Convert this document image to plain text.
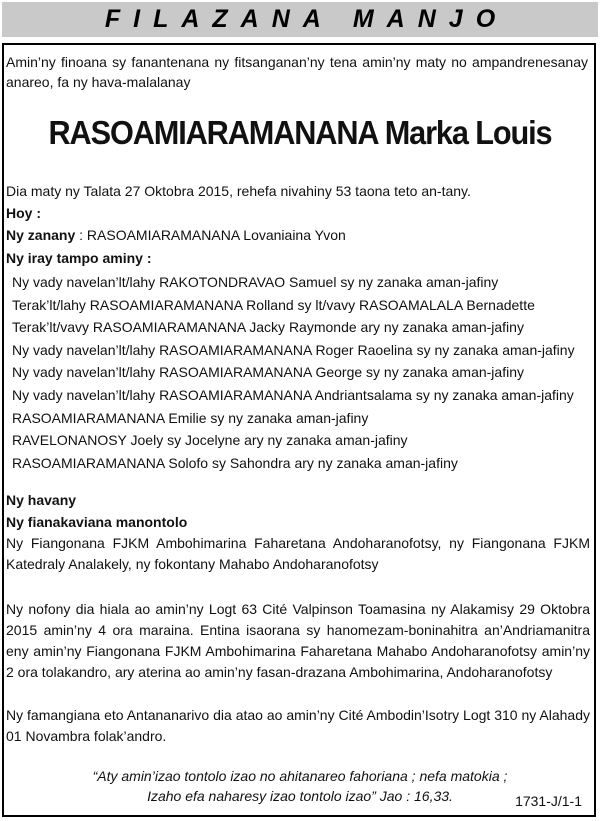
FILAZANA MANJO
Amin’ny finoana sy fanantenana ny fitsanganan’ny tena amin’ny maty no ampandrenesanay anareo, fa ny hava-malalanay
RASOAMIARAMANANA Marka Louis
Dia maty ny Talata 27 Oktobra 2015, rehefa nivahiny 53 taona teto an-tany.
Hoy :
Ny zanany : RASOAMIARAMANANA Lovaniaina Yvon
Ny iray tampo aminy :
Ny vady navelan’lt/lahy RAKOTONDRAVAO Samuel sy ny zanaka aman-jafiny
Terak’lt/lahy RASOAMIARAMANANA Rolland sy lt/vavy RASOAMALALA Bernadette
Terak’lt/vavy RASOAMIARAMANANA Jacky Raymonde ary ny zanaka aman-jafiny
Ny vady navelan’lt/lahy RASOAMIARAMANANA Roger Raoelina sy ny zanaka aman-jafiny
Ny vady navelan’lt/lahy RASOAMIARAMANANA George sy ny zanaka aman-jafiny
Ny vady navelan’lt/lahy RASOAMIARAMANANA Andriantsalama sy ny zanaka aman-jafiny
RASOAMIARAMANANA Emilie sy ny zanaka aman-jafiny
RAVELONANOSY Joely sy Jocelyne ary ny zanaka aman-jafiny
RASOAMIARAMANANA Solofo sy Sahondra ary ny zanaka aman-jafiny
Ny havany
Ny fianakaviana manontolo
Ny Fiangonana FJKM Ambohimarina Faharetana Andoharanofotsy, ny Fiangonana FJKM Katedraly Analakely, ny fokontany Mahabo Andoharanofotsy
Ny nofony dia hiala ao amin’ny Logt 63 Cité Valpinson Toamasina ny Alakamisy 29 Oktobra 2015 amin’ny 4 ora maraina. Entina isaorana sy hanomezam-boninahitra an’Andriamanitra eny amin’ny Fiangonana FJKM Ambohimarina Faharetana Mahabo Andoharanofotsy amin’ny 2 ora tolakandro, ary aterina ao amin’ny fasan-drazana Ambohimarina, Andoharanofotsy
Ny famangiana eto Antananarivo dia atao ao amin’ny Cité Ambodin’Isotry Logt 310 ny Alahady 01 Novambra folak’andro.
“Aty amin’izao tontolo izao no ahitanareo fahoriana ; nefa matokia ;
Izaho efa naharesy izao tontolo izao” Jao : 16,33.	1731-J/1-1
